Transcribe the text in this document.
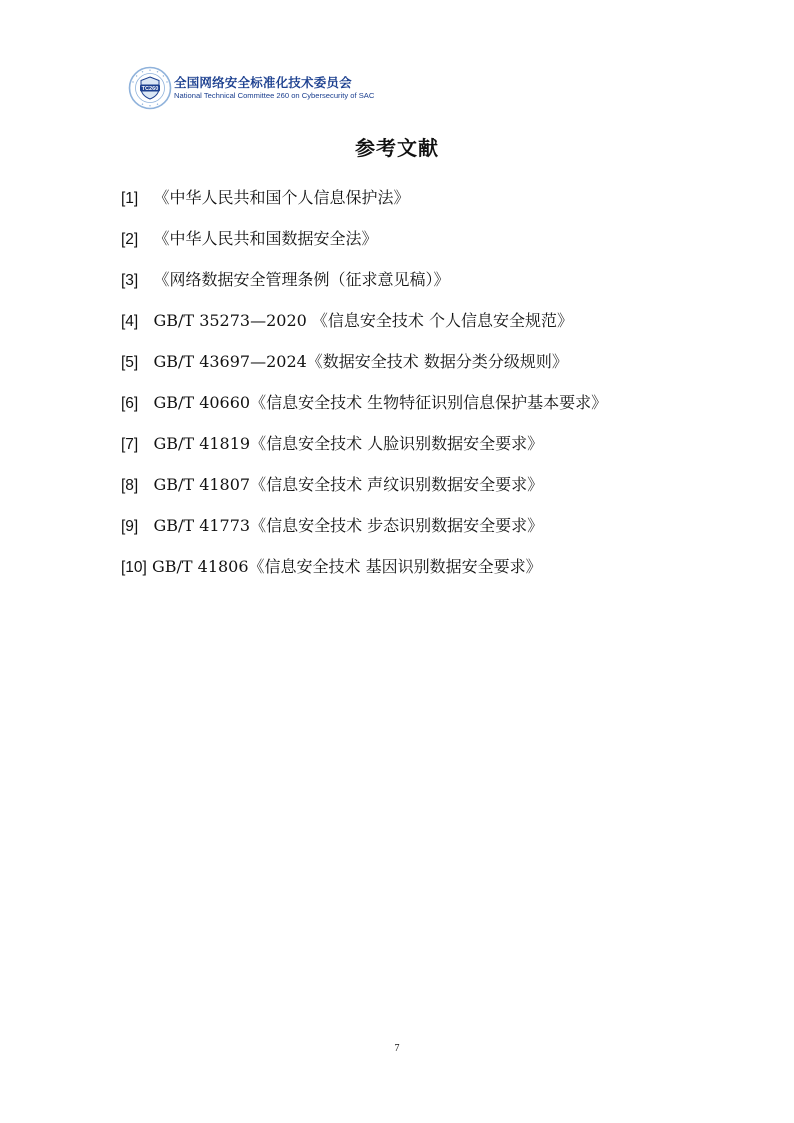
TC260 全国网络安全标准化技术委员会
National Technical Committee 260 on Cybersecurity of SAC
参考文献
[1] 《中华人民共和国个人信息保护法》
[2] 《中华人民共和国数据安全法》
[3] 《网络数据安全管理条例（征求意见稿）》
[4] GB/T 35273—2020 《信息安全技术 个人信息安全规范》
[5] GB/T 43697—2024《数据安全技术 数据分类分级规则》
[6] GB/T 40660《信息安全技术 生物特征识别信息保护基本要求》
[7] GB/T 41819《信息安全技术 人脸识别数据安全要求》
[8] GB/T 41807《信息安全技术 声纹识别数据安全要求》
[9] GB/T 41773《信息安全技术 步态识别数据安全要求》
[10] GB/T 41806《信息安全技术 基因识别数据安全要求》
7
